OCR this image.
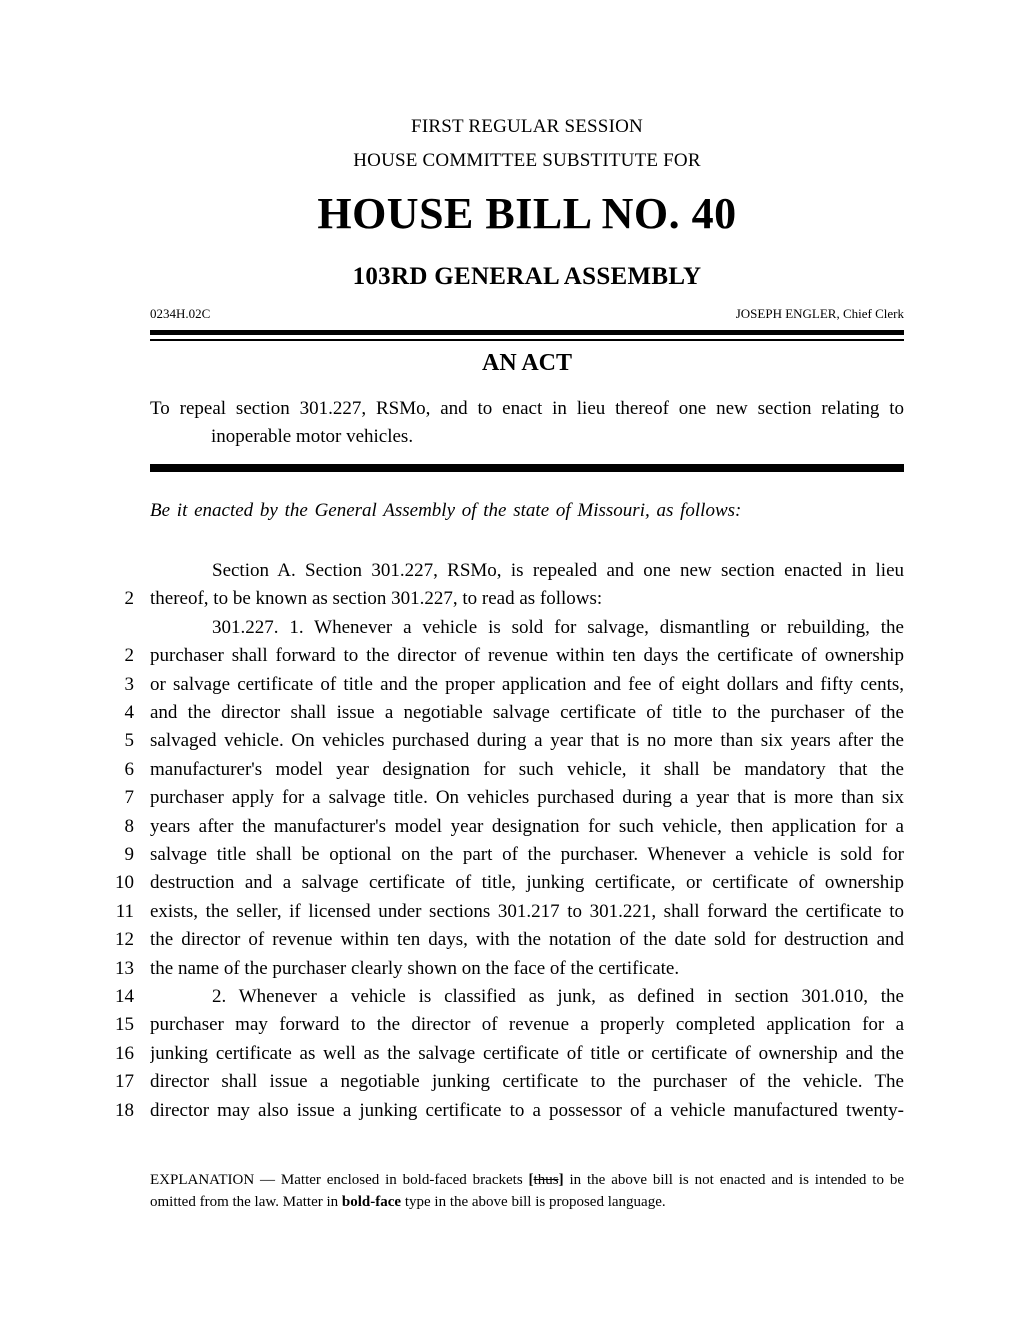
FIRST REGULAR SESSION
HOUSE COMMITTEE SUBSTITUTE FOR
HOUSE BILL NO. 40
103RD GENERAL ASSEMBLY
0234H.02C	JOSEPH ENGLER, Chief Clerk
AN ACT
To repeal section 301.227, RSMo, and to enact in lieu thereof one new section relating to
inoperable motor vehicles.
Be it enacted by the General Assembly of the state of Missouri, as follows:
Section A. Section 301.227, RSMo, is repealed and one new section enacted in lieu
2 thereof, to be known as section 301.227, to read as follows:
301.227. 1. Whenever a vehicle is sold for salvage, dismantling or rebuilding, the
2 purchaser shall forward to the director of revenue within ten days the certificate of ownership
3 or salvage certificate of title and the proper application and fee of eight dollars and fifty cents,
4 and the director shall issue a negotiable salvage certificate of title to the purchaser of the
5 salvaged vehicle. On vehicles purchased during a year that is no more than six years after the
6 manufacturer's model year designation for such vehicle, it shall be mandatory that the
7 purchaser apply for a salvage title. On vehicles purchased during a year that is more than six
8 years after the manufacturer's model year designation for such vehicle, then application for a
9 salvage title shall be optional on the part of the purchaser. Whenever a vehicle is sold for
10 destruction and a salvage certificate of title, junking certificate, or certificate of ownership
11 exists, the seller, if licensed under sections 301.217 to 301.221, shall forward the certificate to
12 the director of revenue within ten days, with the notation of the date sold for destruction and
13 the name of the purchaser clearly shown on the face of the certificate.
14	2. Whenever a vehicle is classified as junk, as defined in section 301.010, the
15 purchaser may forward to the director of revenue a properly completed application for a
16 junking certificate as well as the salvage certificate of title or certificate of ownership and the
17 director shall issue a negotiable junking certificate to the purchaser of the vehicle. The
18 director may also issue a junking certificate to a possessor of a vehicle manufactured twenty-
EXPLANATION — Matter enclosed in bold-faced brackets [thus] in the above bill is not enacted and is intended to be omitted from the law. Matter in bold-face type in the above bill is proposed language.
